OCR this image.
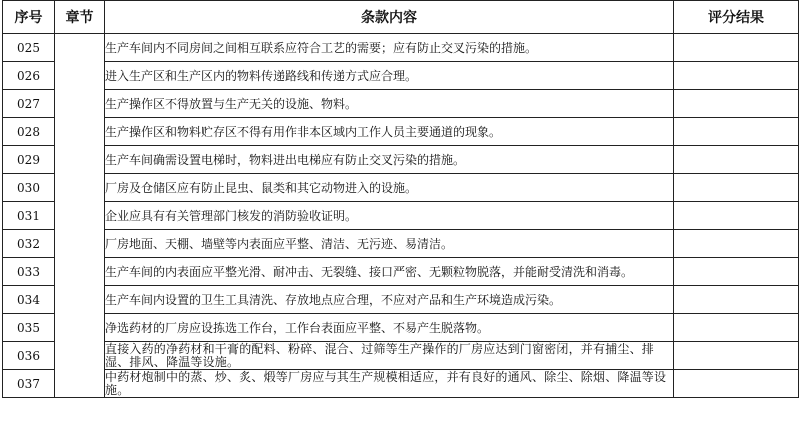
序号	章节	条款内容	评分结果
025		生产车间内不同房间之间相互联系应符合工艺的需要；应有防止交叉污染的措施。	
026		进入生产区和生产区内的物料传递路线和传递方式应合理。	
027		生产操作区不得放置与生产无关的设施、物料。	
028		生产操作区和物料贮存区不得有用作非本区域内工作人员主要通道的现象。	
029		生产车间确需设置电梯时，物料进出电梯应有防止交叉污染的措施。	
030		厂房及仓储区应有防止昆虫、鼠类和其它动物进入的设施。	
031		企业应具有有关管理部门核发的消防验收证明。	
032		厂房地面、天棚、墙壁等内表面应平整、清洁、无污迹、易清洁。	
033		生产车间的内表面应平整光滑、耐冲击、无裂缝、接口严密、无颗粒物脱落，并能耐受清洗和消毒。	
034		生产车间内设置的卫生工具清洗、存放地点应合理，不应对产品和生产环境造成污染。	
035		净选药材的厂房应设拣选工作台，工作台表面应平整、不易产生脱落物。	
036		直接入药的净药材和干膏的配料、粉碎、混合、过筛等生产操作的厂房应达到门窗密闭，并有捕尘、排湿、排风、降温等设施。	
037		中药材炮制中的蒸、炒、炙、煅等厂房应与其生产规模相适应，并有良好的通风、除尘、除烟、降温等设施。	
